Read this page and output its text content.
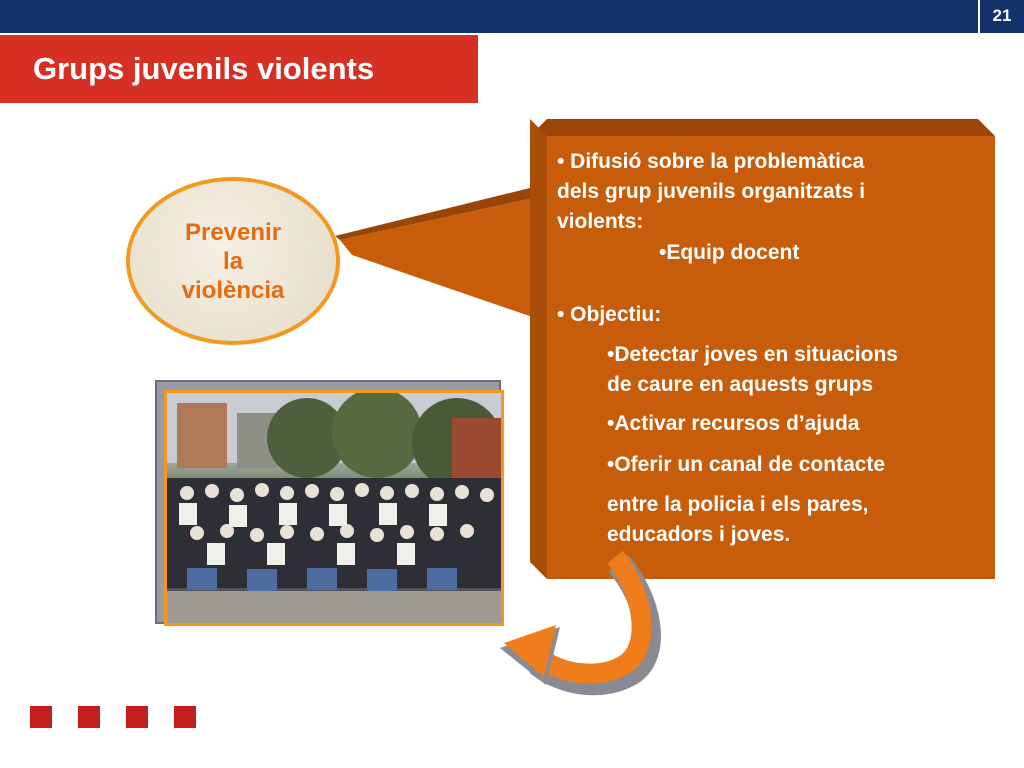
21
Grups juvenils violents
Prevenir
la
violència
• Difusió sobre la problemàtica
dels grup juvenils organitzats i
violents:
•Equip docent
• Objectiu:
•Detectar joves en situacions
de caure en aquests grups
•Activar recursos d’ajuda
•Oferir un canal de contacte
entre la policia i els pares,
educadors i joves.
